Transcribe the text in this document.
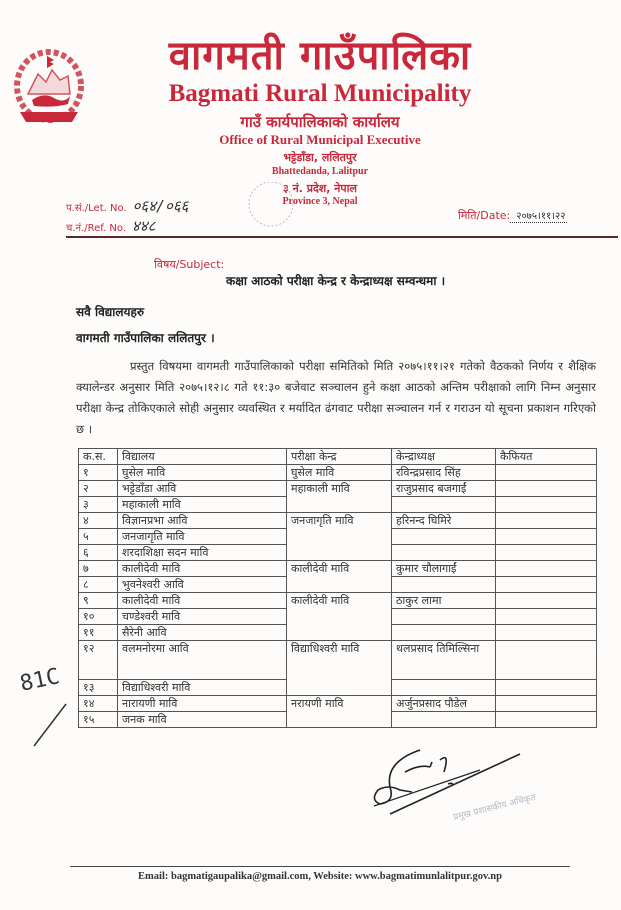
वागमती गाउँपालिका
Bagmati Rural Municipality
गाउँ कार्यपालिकाको कार्यालय
Office of Rural Municipal Executive
भट्टेडाँडा, ललितपुर
Bhattedanda, Lalitpur
३ नं. प्रदेश, नेपाल
Province 3, Nepal
प.सं./Let. No. ०६४/०६६
च.नं./Ref. No. ४४८
मिति/Date: २०७५।११।२२
विषय/Subject:
कक्षा आठको परीक्षा केन्द्र र केन्द्राध्यक्ष सम्वन्धमा ।
सवै विद्यालयहरु
वागमती गाउँपालिका ललितपुर ।
प्रस्तुत विषयमा वागमती गाउँपालिकाको परीक्षा समितिको मिति २०७५।११।२१ गतेको वैठकको निर्णय र शैक्षिक क्यालेन्डर अनुसार मिति २०७५।१२।८ गते ११:३० बजेवाट सञ्चालन हुने कक्षा आठको अन्तिम परीक्षाको लागि निम्न अनुसार परीक्षा केन्द्र तोकिएकाले सोही अनुसार व्यवस्थित र मर्यादित ढंगवाट परीक्षा सञ्चालन गर्न र गराउन यो सूचना प्रकाशन गरिएको छ ।
क.स.	विद्यालय	परीक्षा केन्द्र	केन्द्राध्यक्ष	कैफियत
१	घुसेल मावि	घुसेल मावि	रविन्द्रप्रसाद सिंह	
२	भट्टेडाँडा आवि	महाकाली मावि	राजुप्रसाद बजगाईं	
३	महाकाली मावि			
४	विज्ञानप्रभा आवि	जनजागृति मावि	हरिनन्द घिमिरे	
५	जनजागृति मावि			
६	शरदाशिक्षा सदन मावि			
७	कालीदेवी मावि	कालीदेवी मावि	कुमार चौलागाईं	
८	भुवनेश्वरी आवि			
९	कालीदेवी मावि	कालीदेवी मावि	ठाकुर लामा	
१०	चण्डेश्वरी मावि			
११	सैरेनी आवि			
१२	वलमनोरमा आवि	विद्याधिश्वरी मावि	थलप्रसाद तिमिल्सिना	
१३	विद्याधिश्वरी मावि			
१४	नारायणी मावि	नरायणी मावि	अर्जुनप्रसाद पौडेल	
१५	जनक मावि			
81C
प्रमुख प्रशासकीय अधिकृत
Email: bagmatigaupalika@gmail.com, Website: www.bagmatimunlalitpur.gov.np
